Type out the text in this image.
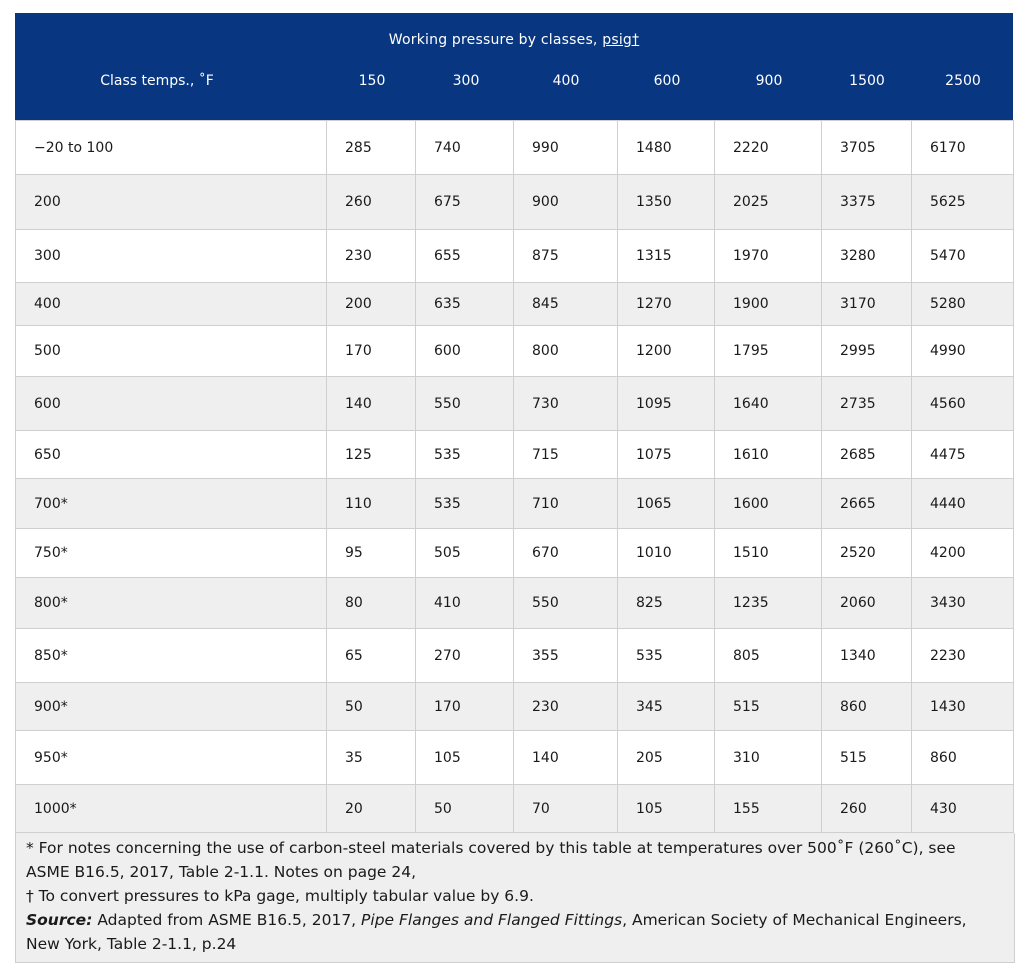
Working pressure by classes, psig†
Class temps., ˚F	150	300	400	600	900	1500	2500
−20 to 100	285	740	990	1480	2220	3705	6170
200	260	675	900	1350	2025	3375	5625
300	230	655	875	1315	1970	3280	5470
400	200	635	845	1270	1900	3170	5280
500	170	600	800	1200	1795	2995	4990
600	140	550	730	1095	1640	2735	4560
650	125	535	715	1075	1610	2685	4475
700*	110	535	710	1065	1600	2665	4440
750*	95	505	670	1010	1510	2520	4200
800*	80	410	550	825	1235	2060	3430
850*	65	270	355	535	805	1340	2230
900*	50	170	230	345	515	860	1430
950*	35	105	140	205	310	515	860
1000*	20	50	70	105	155	260	430

* For notes concerning the use of carbon-steel materials covered by this table at temperatures over 500˚F (260˚C), see ASME B16.5, 2017, Table 2-1.1. Notes on page 24,

† To convert pressures to kPa gage, multiply tabular value by 6.9.

Source: Adapted from ASME B16.5, 2017, Pipe Flanges and Flanged Fittings, American Society of Mechanical Engineers, New York, Table 2-1.1, p.24
